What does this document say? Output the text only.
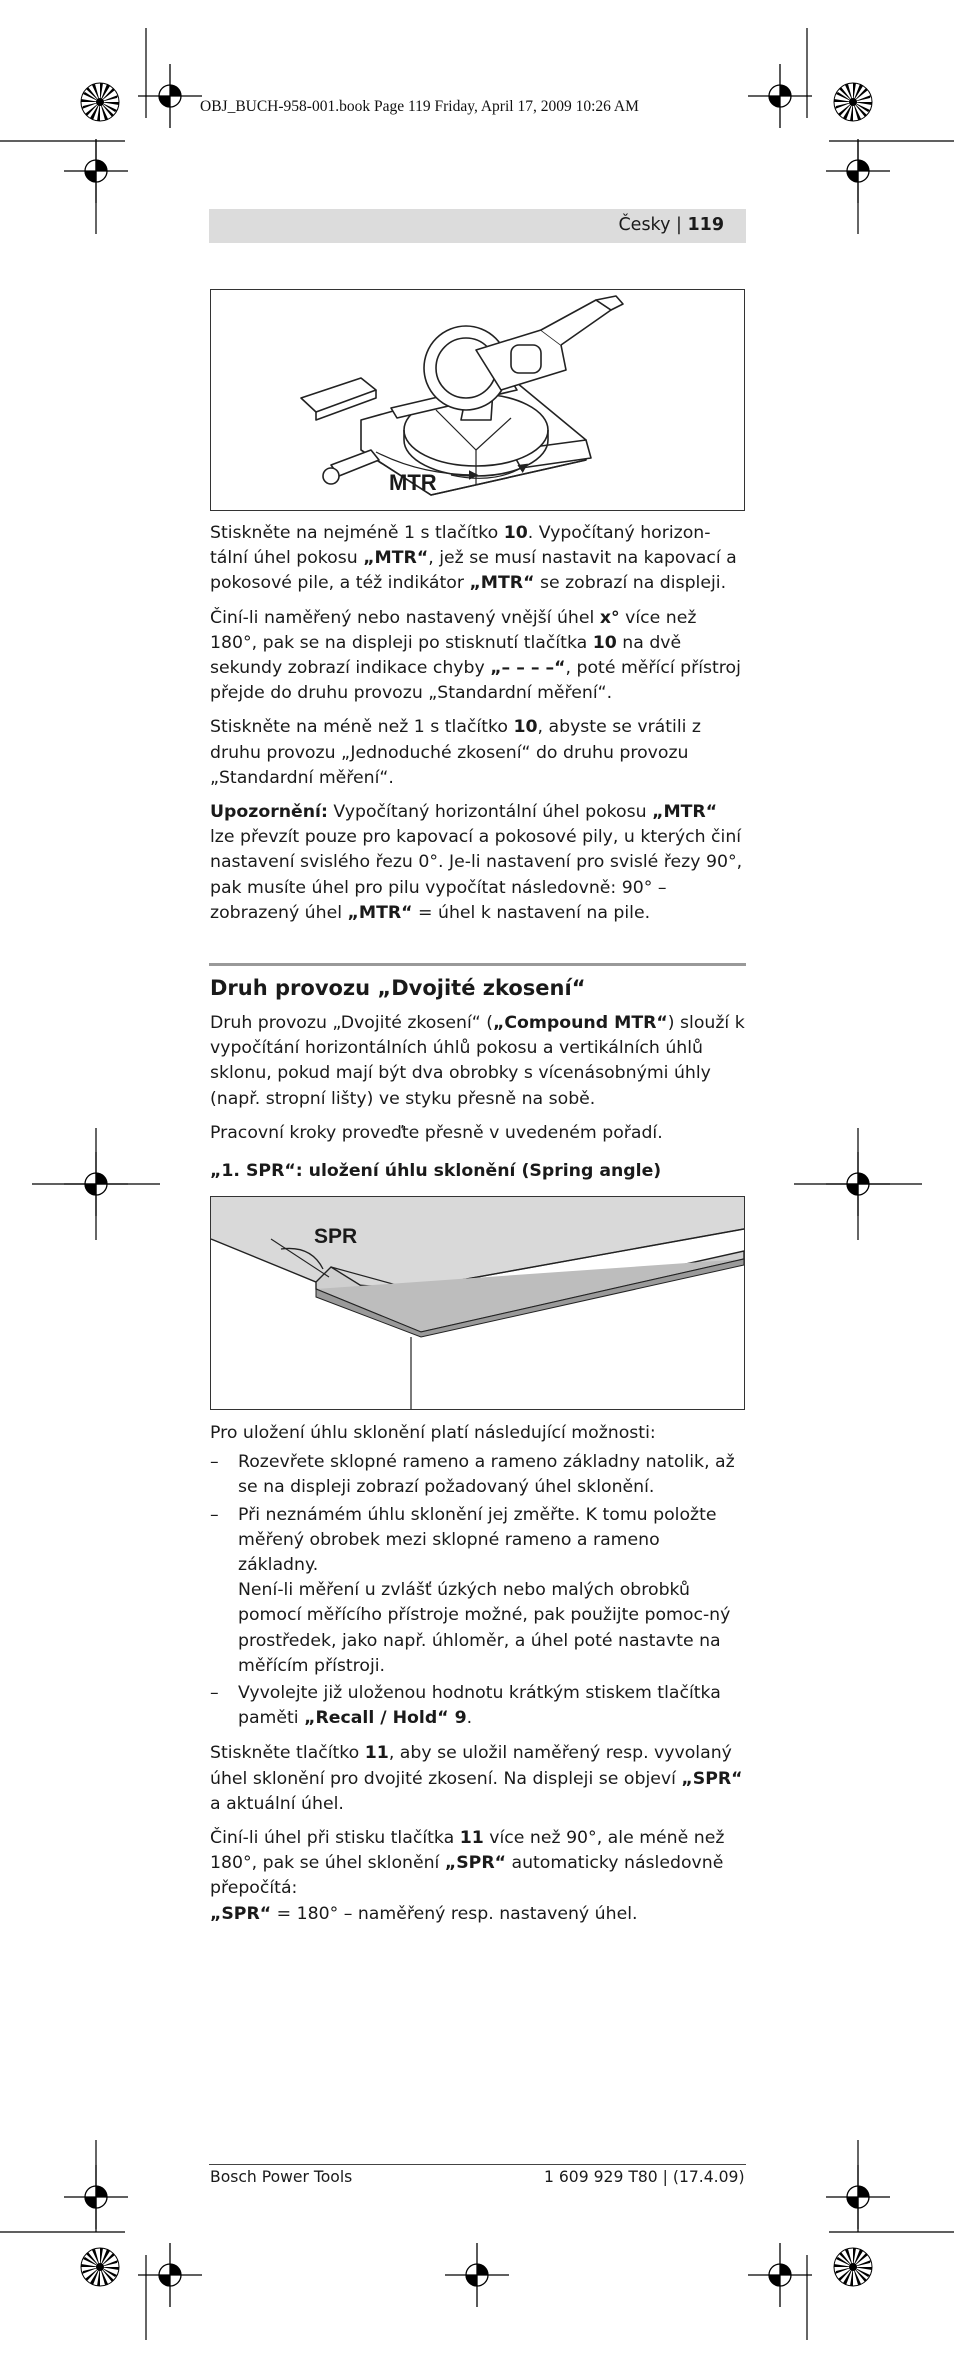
OBJ_BUCH-958-001.book Page 119 Friday, April 17, 2009 10:26 AM
Česky | 119
MTR

Stiskněte na nejméně 1 s tlačítko 10. Vypočítaný horizon-tální úhel pokosu „MTR“, jež se musí nastavit na kapovací a pokosové pile, a též indikátor „MTR“ se zobrazí na displeji.

Činí-li naměřený nebo nastavený vnější úhel x° více než 180°, pak se na displeji po stisknutí tlačítka 10 na dvě sekundy zobrazí indikace chyby „– – – –“, poté měřící přístroj přejde do druhu provozu „Standardní měření“.

Stiskněte na méně než 1 s tlačítko 10, abyste se vrátili z druhu provozu „Jednoduché zkosení“ do druhu provozu „Standardní měření“.

Upozornění: Vypočítaný horizontální úhel pokosu „MTR“ lze převzít pouze pro kapovací a pokosové pily, u kterých činí nastavení svislého řezu 0°. Je-li nastavení pro svislé řezy 90°, pak musíte úhel pro pilu vypočítat následovně: 90° – zobrazený úhel „MTR“ = úhel k nastavení na pile.

Druh provozu „Dvojité zkosení“

Druh provozu „Dvojité zkosení“ („Compound MTR“) slouží k vypočítání horizontálních úhlů pokosu a vertikálních úhlů sklonu, pokud mají být dva obrobky s vícenásobnými úhly (např. stropní lišty) ve styku přesně na sobě.

Pracovní kroky proveďte přesně v uvedeném pořadí.

„1. SPR“: uložení úhlu sklonění (Spring angle)
SPR

Pro uložení úhlu sklonění platí následující možnosti:

– Rozevřete sklopné rameno a rameno základny natolik, až se na displeji zobrazí požadovaný úhel sklonění.
– Při neznámém úhlu sklonění jej změřte. K tomu položte měřený obrobek mezi sklopné rameno a rameno základny.
Není-li měření u zvlášť úzkých nebo malých obrobků pomocí měřícího přístroje možné, pak použijte pomoc-ný prostředek, jako např. úhloměr, a úhel poté nastavte na měřícím přístroji.
– Vyvolejte již uloženou hodnotu krátkým stiskem tlačítka paměti „Recall / Hold“ 9.

Stiskněte tlačítko 11, aby se uložil naměřený resp. vyvolaný úhel sklonění pro dvojité zkosení. Na displeji se objeví „SPR“ a aktuální úhel.

Činí-li úhel při stisku tlačítka 11 více než 90°, ale méně než 180°, pak se úhel sklonění „SPR“ automaticky následovně přepočítá:

„SPR“ = 180° – naměřený resp. nastavený úhel.

Bosch Power Tools	1 609 929 T80 | (17.4.09)
